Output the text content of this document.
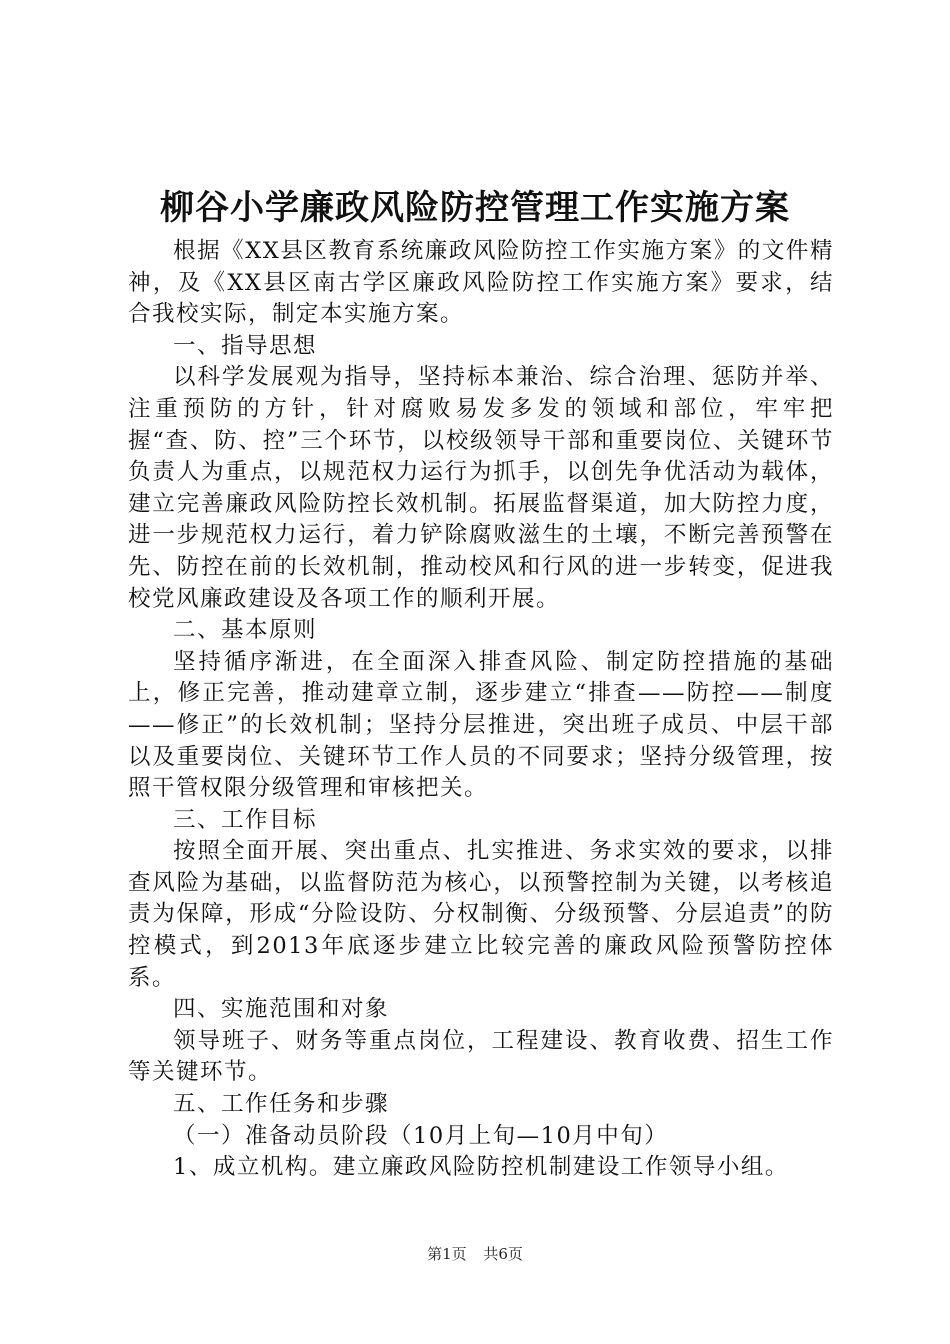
柳谷小学廉政风险防控管理工作实施方案

根据《XX县区教育系统廉政风险防控工作实施方案》的文件精神，及《XX县区南古学区廉政风险防控工作实施方案》要求，结合我校实际，制定本实施方案。

一、指导思想

以科学发展观为指导，坚持标本兼治、综合治理、惩防并举、注重预防的方针，针对腐败易发多发的领域和部位，牢牢把握“查、防、控”三个环节，以校级领导干部和重要岗位、关键环节负责人为重点，以规范权力运行为抓手，以创先争优活动为载体，建立完善廉政风险防控长效机制。拓展监督渠道，加大防控力度，进一步规范权力运行，着力铲除腐败滋生的土壤，不断完善预警在先、防控在前的长效机制，推动校风和行风的进一步转变，促进我校党风廉政建设及各项工作的顺利开展。

二、基本原则

坚持循序渐进，在全面深入排查风险、制定防控措施的基础上，修正完善，推动建章立制，逐步建立“排查——防控——制度——修正”的长效机制；坚持分层推进，突出班子成员、中层干部以及重要岗位、关键环节工作人员的不同要求；坚持分级管理，按照干管权限分级管理和审核把关。

三、工作目标

按照全面开展、突出重点、扎实推进、务求实效的要求，以排查风险为基础，以监督防范为核心，以预警控制为关键，以考核追责为保障，形成“分险设防、分权制衡、分级预警、分层追责”的防控模式，到2013年底逐步建立比较完善的廉政风险预警防控体系。

四、实施范围和对象

领导班子、财务等重点岗位，工程建设、教育收费、招生工作等关键环节。

五、工作任务和步骤

（一）准备动员阶段（10月上旬—10月中旬）

1、成立机构。建立廉政风险防控机制建设工作领导小组。

第1页 共6页
